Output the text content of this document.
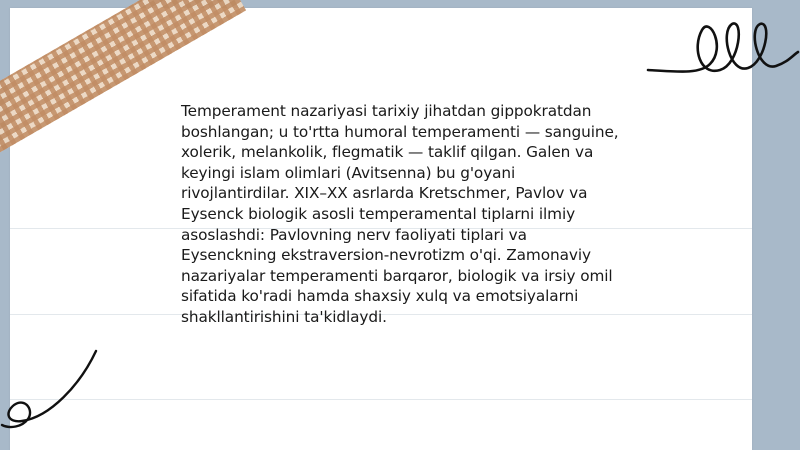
Temperament nazariyasi tarixiy jihatdan gippokratdan boshlangan; u to'rtta humoral temperamenti — sanguine, xolerik, melankolik, flegmatik — taklif qilgan. Galen va keyingi islam olimlari (Avitsenna) bu g'oyani rivojlantirdilar. XIX–XX asrlarda Kretschmer, Pavlov va Eysenck biologik asosli temperamental tiplarni ilmiy asoslashdi: Pavlovning nerv faoliyati tiplari va Eysenckning ekstraversion-nevrotizm o'qi. Zamonaviy nazariyalar temperamenti barqaror, biologik va irsiy omil sifatida ko'radi hamda shaxsiy xulq va emotsiyalarni shakllantirishini ta'kidlaydi.
